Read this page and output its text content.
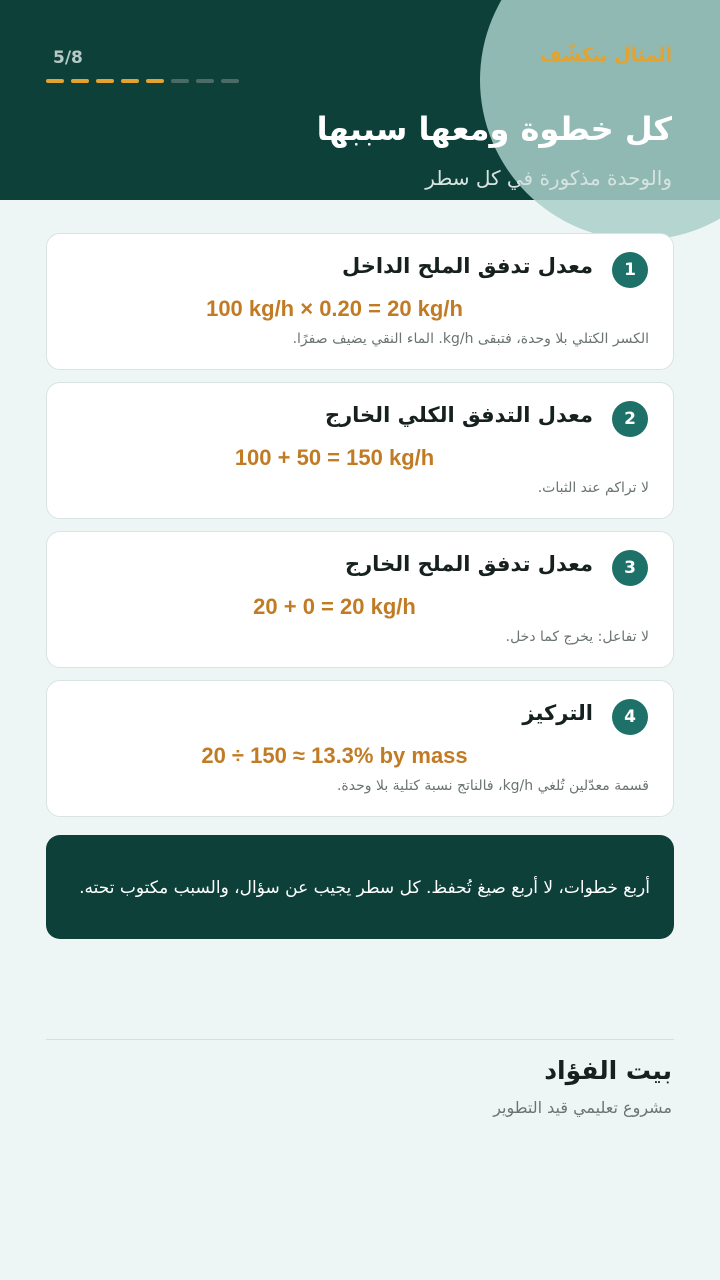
المثال يتكشّف
5/8
كل خطوة ومعها سببها
والوحدة مذكورة في كل سطر
1
معدل تدفق الملح الداخل
100 kg/h × 0.20 = 20 kg/h
الكسر الكتلي بلا وحدة، فتبقى kg/h. الماء النقي يضيف صفرًا.
2
معدل التدفق الكلي الخارج
100 + 50 = 150 kg/h
لا تراكم عند الثبات.
3
معدل تدفق الملح الخارج
20 + 0 = 20 kg/h
لا تفاعل: يخرج كما دخل.
4
التركيز
20 ÷ 150 ≈ 13.3% by mass
قسمة معدّلين تُلغي kg/h، فالناتج نسبة كتلية بلا وحدة.
أربع خطوات، لا أربع صيغ تُحفظ. كل سطر يجيب عن سؤال، والسبب مكتوب تحته.
بيت الفؤاد
مشروع تعليمي قيد التطوير
